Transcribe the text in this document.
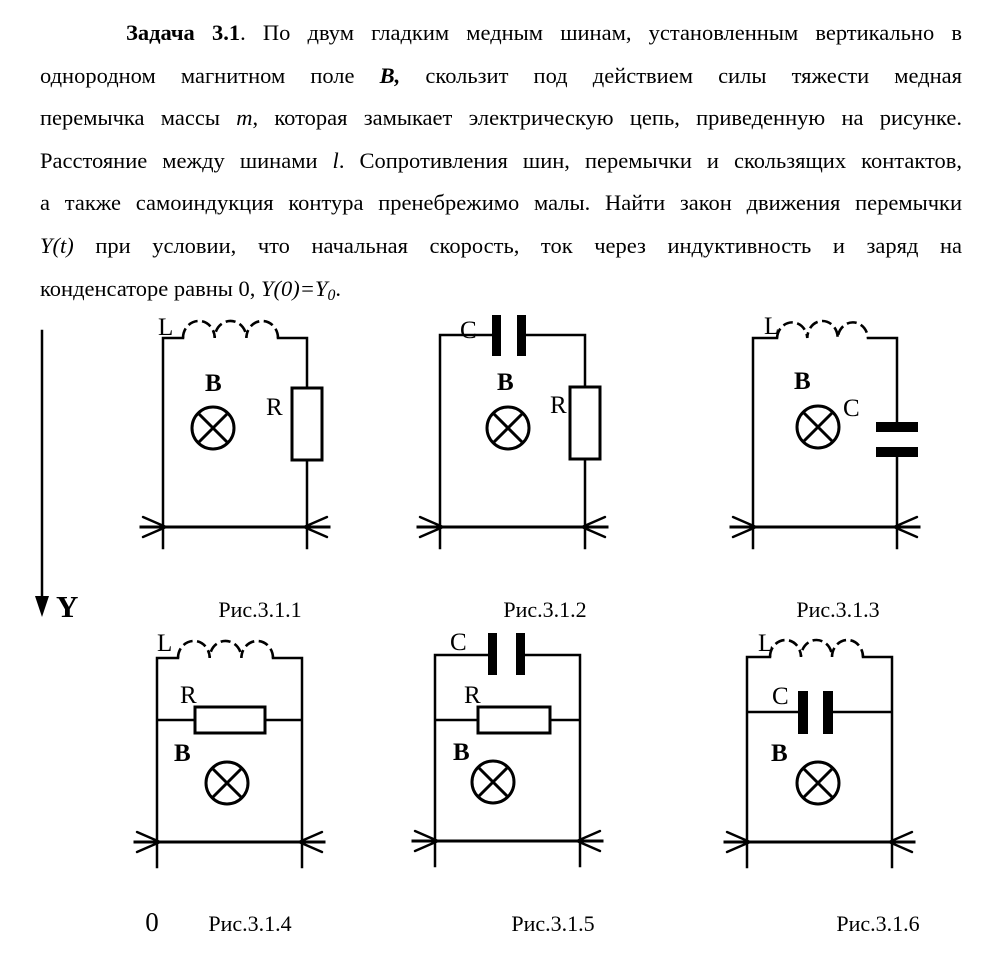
Задача 3.1. По двум гладким медным шинам, установленным вертикально в
однородном магнитном поле В, скользит под действием силы тяжести медная
перемычка массы m, которая замыкает электрическую цепь, приведенную на рисунке.
Расстояние между шинами l. Сопротивления шин, перемычки и скользящих контактов,
а также самоиндукция контура пренебрежимо малы. Найти закон движения перемычки
Y(t) при условии, что начальная скорость, ток через индуктивность и заряд на
конденсаторе равны 0, $Y(0)=Y_0$.
Y
0
L
B
R
Рис.3.1.1
C
B
R
Рис.3.1.2
L
B
C
Рис.3.1.3
L
R
B
Рис.3.1.4
C
R
B
Рис.3.1.5
L
C
B
Рис.3.1.6
